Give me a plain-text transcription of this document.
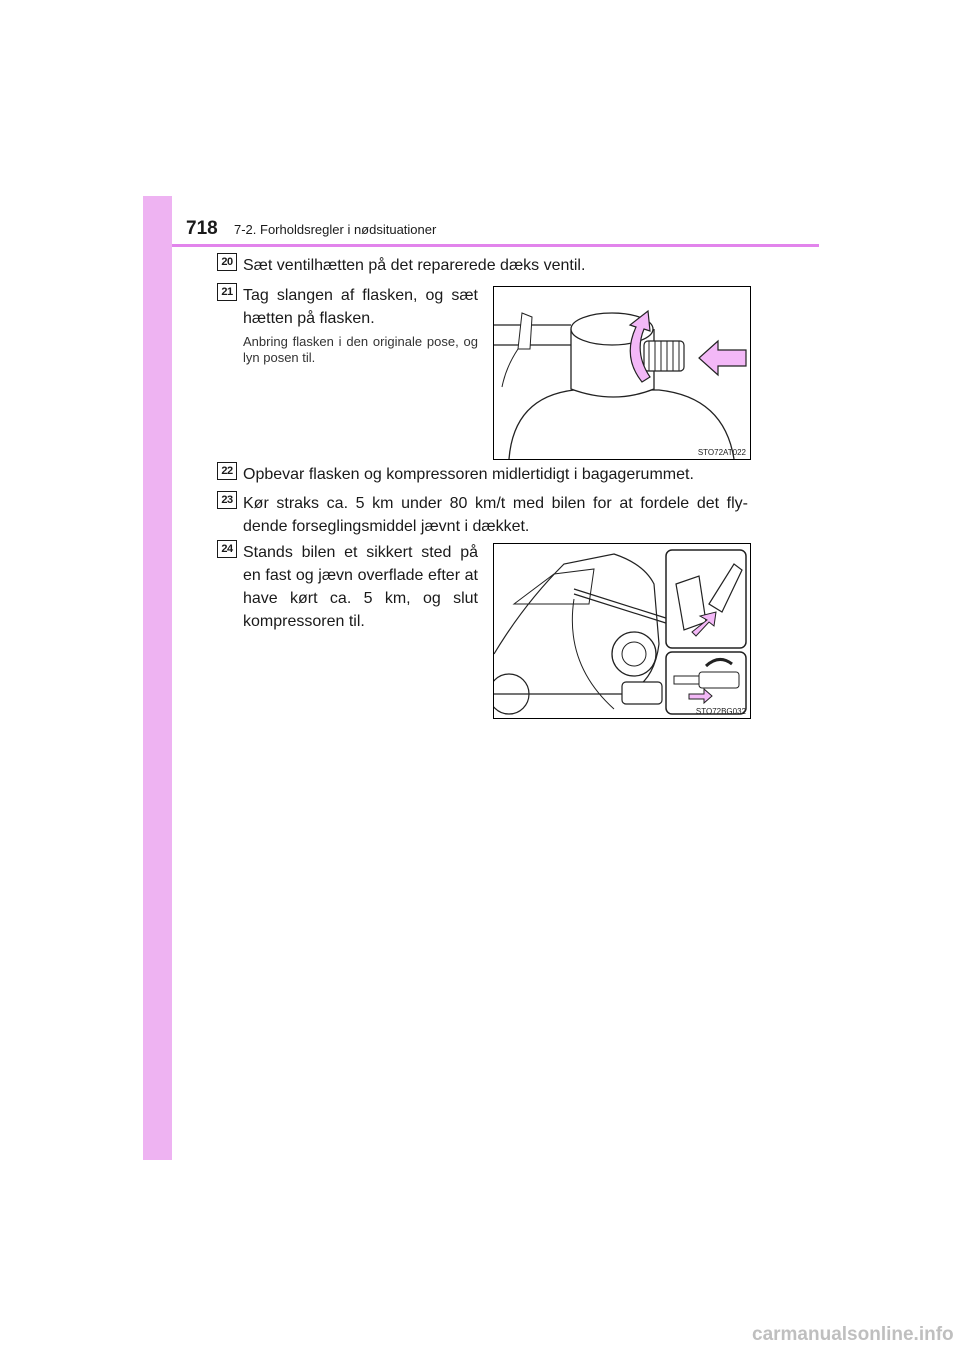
718 7-2. Forholdsregler i nødsituationer
20 Sæt ventilhætten på det reparerede dæks ventil.
21 Tag slangen af flasken, og sæt hætten på flasken.
Anbring flasken i den originale pose, og lyn posen til.
STO72AT022
22 Opbevar flasken og kompressoren midlertidigt i bagagerummet.
23 Kør straks ca. 5 km under 80 km/t med bilen for at fordele det fly-dende forseglingsmiddel jævnt i dækket.
24 Stands bilen et sikkert sted på en fast og jævn overflade efter at have kørt ca. 5 km, og slut kompressoren til.
STO72BG032
carmanualsonline.info
